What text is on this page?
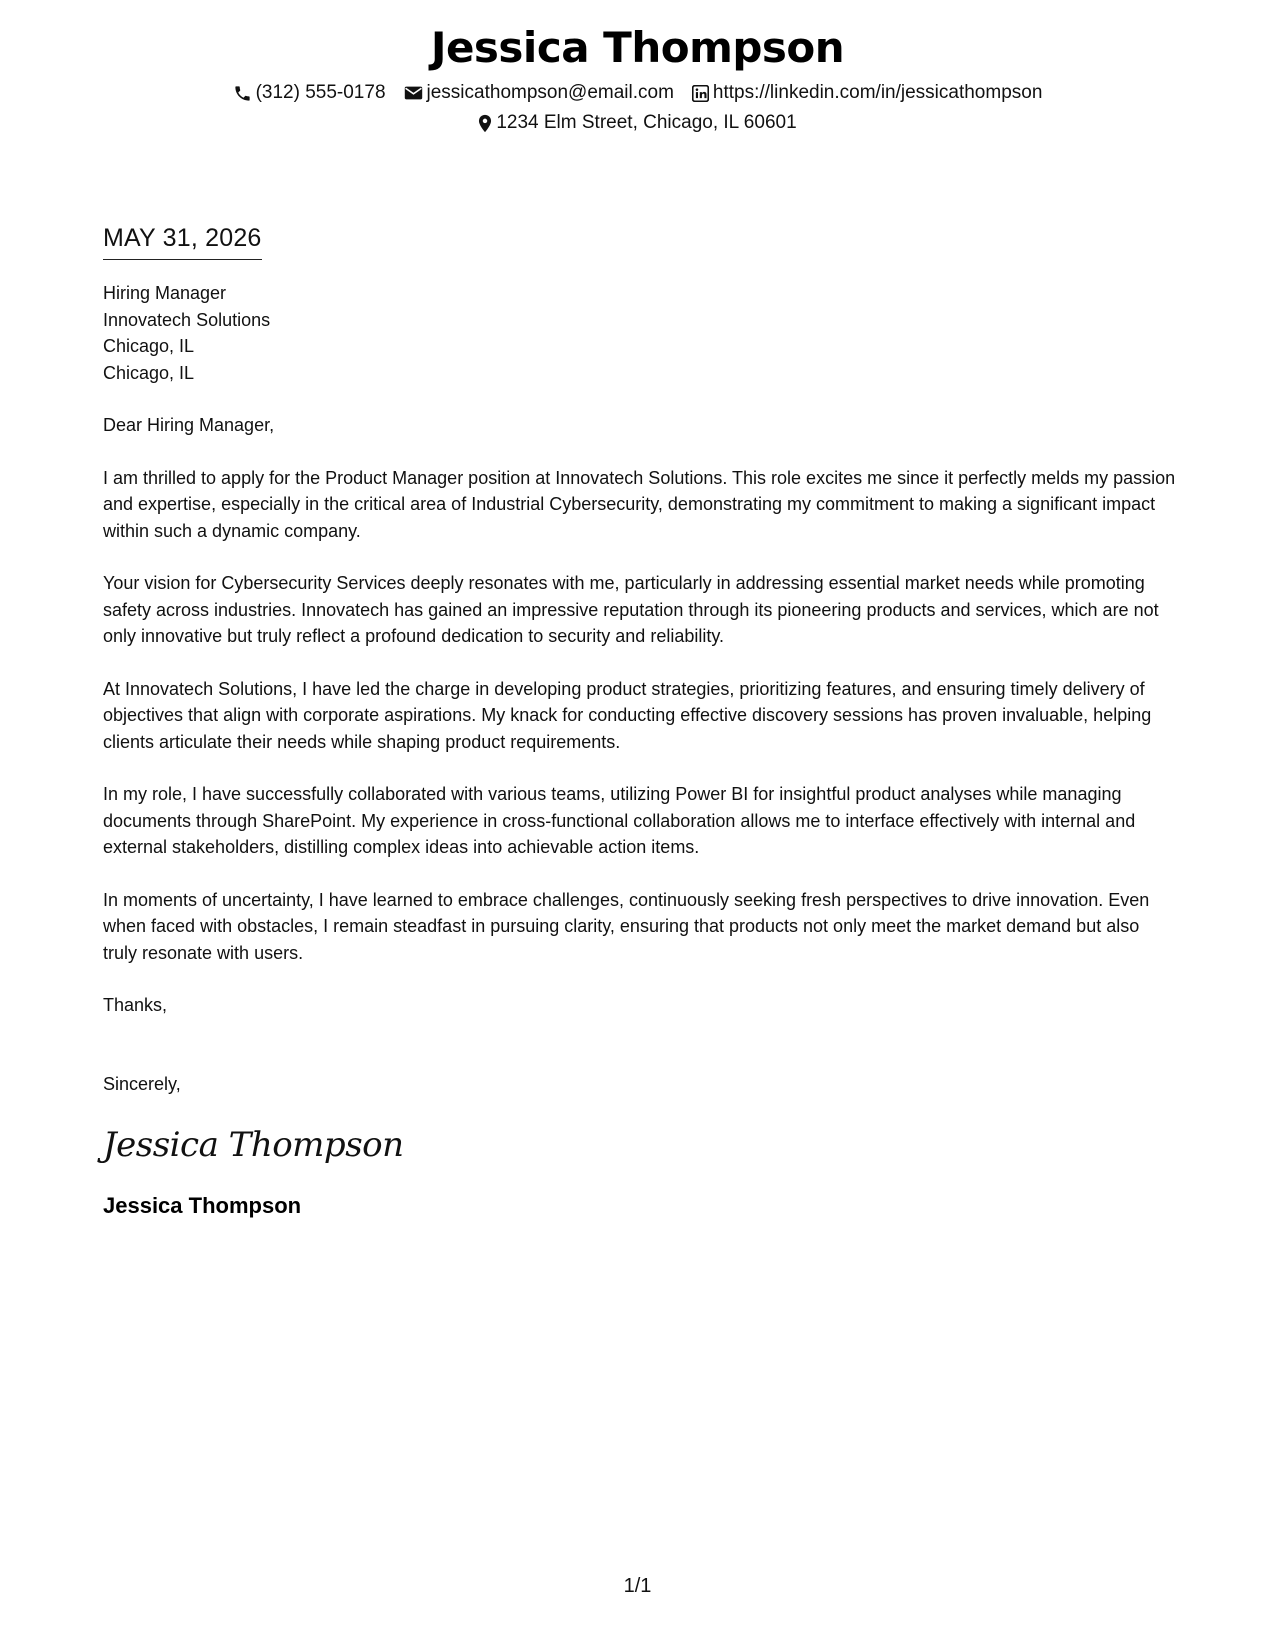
Jessica Thompson
(312) 555-0178 jessicathompson@email.com https://linkedin.com/in/jessicathompson
1234 Elm Street, Chicago, IL 60601
MAY 31, 2026
Hiring Manager
Innovatech Solutions
Chicago, IL
Chicago, IL
Dear Hiring Manager,
I am thrilled to apply for the Product Manager position at Innovatech Solutions. This role excites me since it perfectly melds my passion and expertise, especially in the critical area of Industrial Cybersecurity, demonstrating my commitment to making a significant impact within such a dynamic company.
Your vision for Cybersecurity Services deeply resonates with me, particularly in addressing essential market needs while promoting safety across industries. Innovatech has gained an impressive reputation through its pioneering products and services, which are not only innovative but truly reflect a profound dedication to security and reliability.
At Innovatech Solutions, I have led the charge in developing product strategies, prioritizing features, and ensuring timely delivery of objectives that align with corporate aspirations. My knack for conducting effective discovery sessions has proven invaluable, helping clients articulate their needs while shaping product requirements.
In my role, I have successfully collaborated with various teams, utilizing Power BI for insightful product analyses while managing documents through SharePoint. My experience in cross-functional collaboration allows me to interface effectively with internal and external stakeholders, distilling complex ideas into achievable action items.
In moments of uncertainty, I have learned to embrace challenges, continuously seeking fresh perspectives to drive innovation. Even when faced with obstacles, I remain steadfast in pursuing clarity, ensuring that products not only meet the market demand but also truly resonate with users.
Thanks,
Sincerely,
Jessica Thompson
Jessica Thompson
1/1
